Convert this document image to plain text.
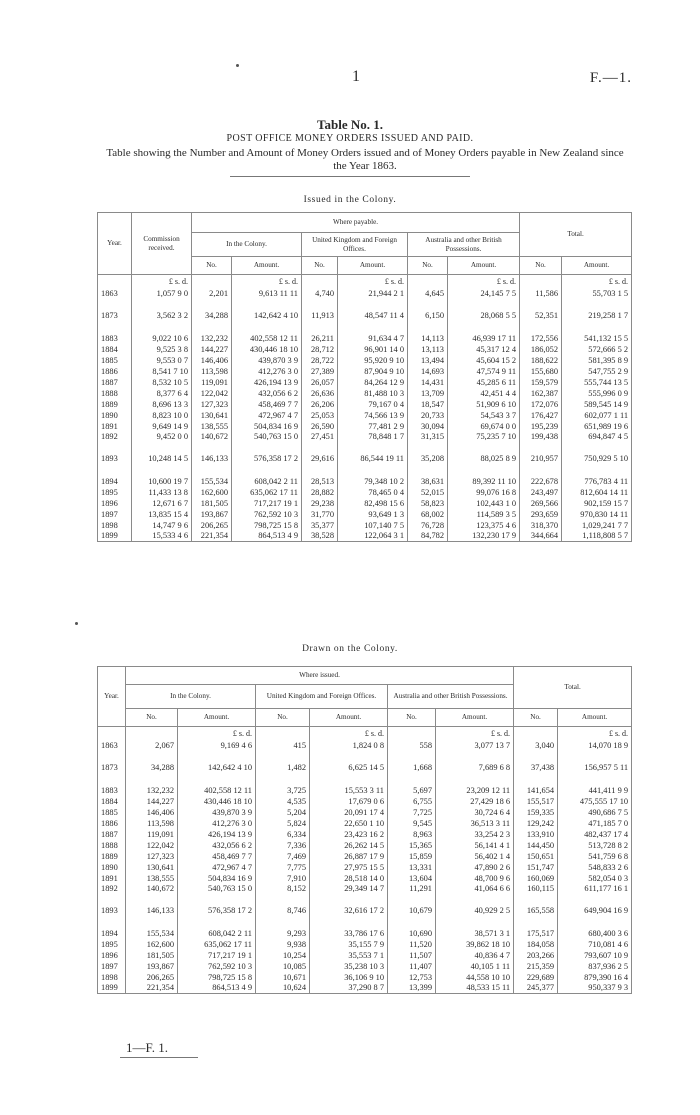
1	F.—1.
Table No. 1.
POST OFFICE MONEY ORDERS ISSUED AND PAID.
Table showing the Number and Amount of Money Orders issued and of Money Orders payable in New Zealand since the Year 1863.
Issued in the Colony.
Year.	Commission received.	Where payable.						Total.	
		In the Colony.		United Kingdom and Foreign Offices.		Australia and other British Possessions.			
		No.	Amount.	No.	Amount.	No.	Amount.	No.	Amount.
	£ s. d.		£ s. d.		£ s. d.		£ s. d.		£ s. d.
1863	1,057 9 0	2,201	9,613 11 11	4,740	21,944 2 1	4,645	24,145 7 5	11,586	55,703 1 5
1873	3,562 3 2	34,288	142,642 4 10	11,913	48,547 11 4	6,150	28,068 5 5	52,351	219,258 1 7
1883	9,022 10 6	132,232	402,558 12 11	26,211	91,634 4 7	14,113	46,939 17 11	172,556	541,132 15 5
1884	9,525 3 8	144,227	430,446 18 10	28,712	96,901 14 0	13,113	45,317 12 4	186,052	572,666 5 2
1885	9,553 0 7	146,406	439,870 3 9	28,722	95,920 9 10	13,494	45,604 15 2	188,622	581,395 8 9
1886	8,541 7 10	113,598	412,276 3 0	27,389	87,904 9 10	14,693	47,574 9 11	155,680	547,755 2 9
1887	8,532 10 5	119,091	426,194 13 9	26,057	84,264 12 9	14,431	45,285 6 11	159,579	555,744 13 5
1888	8,377 6 4	122,042	432,056 6 2	26,636	81,488 10 3	13,709	42,451 4 4	162,387	555,996 0 9
1889	8,696 13 3	127,323	458,469 7 7	26,206	79,167 0 4	18,547	51,909 6 10	172,076	589,545 14 9
1890	8,823 10 0	130,641	472,967 4 7	25,053	74,566 13 9	20,733	54,543 3 7	176,427	602,077 1 11
1891	9,649 14 9	138,555	504,834 16 9	26,590	77,481 2 9	30,094	69,674 0 0	195,239	651,989 19 6
1892	9,452 0 0	140,672	540,763 15 0	27,451	78,848 1 7	31,315	75,235 7 10	199,438	694,847 4 5
1893	10,248 14 5	146,133	576,358 17 2	29,616	86,544 19 11	35,208	88,025 8 9	210,957	750,929 5 10
1894	10,600 19 7	155,534	608,042 2 11	28,513	79,348 10 2	38,631	89,392 11 10	222,678	776,783 4 11
1895	11,433 13 8	162,600	635,062 17 11	28,882	78,465 0 4	52,015	99,076 16 8	243,497	812,604 14 11
1896	12,671 6 7	181,505	717,217 19 1	29,238	82,498 15 6	58,823	102,443 1 0	269,566	902,159 15 7
1897	13,835 15 4	193,867	762,592 10 3	31,770	93,649 1 3	68,002	114,589 3 5	293,659	970,830 14 11
1898	14,747 9 6	206,265	798,725 15 8	35,377	107,140 7 5	76,728	123,375 4 6	318,370	1,029,241 7 7
1899	15,533 4 6	221,354	864,513 4 9	38,528	122,064 3 1	84,782	132,230 17 9	344,664	1,118,808 5 7
Drawn on the Colony.
Year.	Where issued.						Total.	
	In the Colony.		United Kingdom and Foreign Offices.		Australia and other British Possessions.			
	No.	Amount.	No.	Amount.	No.	Amount.	No.	Amount.
		£ s. d.		£ s. d.		£ s. d.		£ s. d.
1863	2,067	9,169 4 6	415	1,824 0 8	558	3,077 13 7	3,040	14,070 18 9
1873	34,288	142,642 4 10	1,482	6,625 14 5	1,668	7,689 6 8	37,438	156,957 5 11
1883	132,232	402,558 12 11	3,725	15,553 3 11	5,697	23,209 12 11	141,654	441,411 9 9
1884	144,227	430,446 18 10	4,535	17,679 0 6	6,755	27,429 18 6	155,517	475,555 17 10
1885	146,406	439,870 3 9	5,204	20,091 17 4	7,725	30,724 6 4	159,335	490,686 7 5
1886	113,598	412,276 3 0	5,824	22,650 1 10	9,545	36,513 3 11	129,242	471,185 7 0
1887	119,091	426,194 13 9	6,334	23,423 16 2	8,963	33,254 2 3	133,910	482,437 17 4
1888	122,042	432,056 6 2	7,336	26,262 14 5	15,365	56,141 4 1	144,450	513,728 8 2
1889	127,323	458,469 7 7	7,469	26,887 17 9	15,859	56,402 1 4	150,651	541,759 6 8
1890	130,641	472,967 4 7	7,775	27,975 15 5	13,331	47,890 2 6	151,747	548,833 2 6
1891	138,555	504,834 16 9	7,910	28,518 14 0	13,604	48,700 9 6	160,069	582,054 0 3
1892	140,672	540,763 15 0	8,152	29,349 14 7	11,291	41,064 6 6	160,115	611,177 16 1
1893	146,133	576,358 17 2	8,746	32,616 17 2	10,679	40,929 2 5	165,558	649,904 16 9
1894	155,534	608,042 2 11	9,293	33,786 17 6	10,690	38,571 3 1	175,517	680,400 3 6
1895	162,600	635,062 17 11	9,938	35,155 7 9	11,520	39,862 18 10	184,058	710,081 4 6
1896	181,505	717,217 19 1	10,254	35,553 7 1	11,507	40,836 4 7	203,266	793,607 10 9
1897	193,867	762,592 10 3	10,085	35,238 10 3	11,407	40,105 1 11	215,359	837,936 2 5
1898	206,265	798,725 15 8	10,671	36,106 9 10	12,753	44,558 10 10	229,689	879,390 16 4
1899	221,354	864,513 4 9	10,624	37,290 8 7	13,399	48,533 15 11	245,377	950,337 9 3
1—F. 1.
